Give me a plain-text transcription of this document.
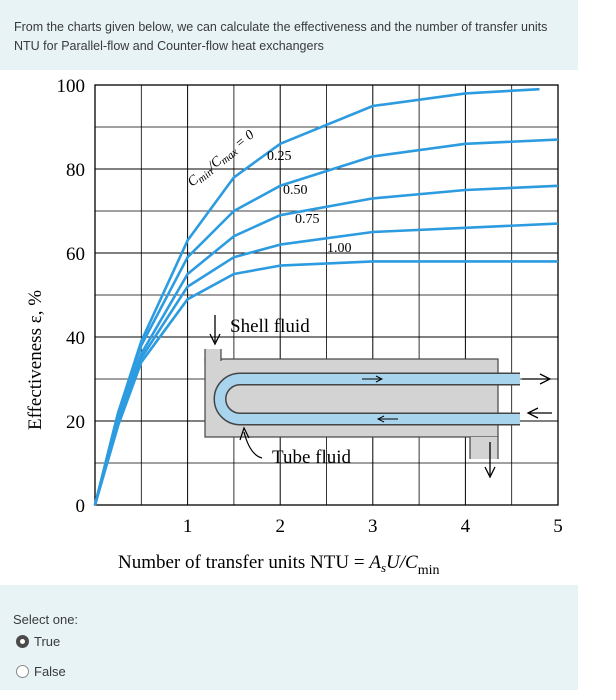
From the charts given below, we can calculate the effectiveness and the number of transfer units NTU for Parallel-flow and Counter-flow heat exchangers
Shell fluid
Tube fluid
$C_{min}/C_{max} = 0$
0.25
0.50
0.75
1.00
Effectiveness ε, %
Number of transfer units NTU = $A_sU/C_{min}$
0
20
40
60
80
100
1	2	3	4	5
Select one:
True
False
